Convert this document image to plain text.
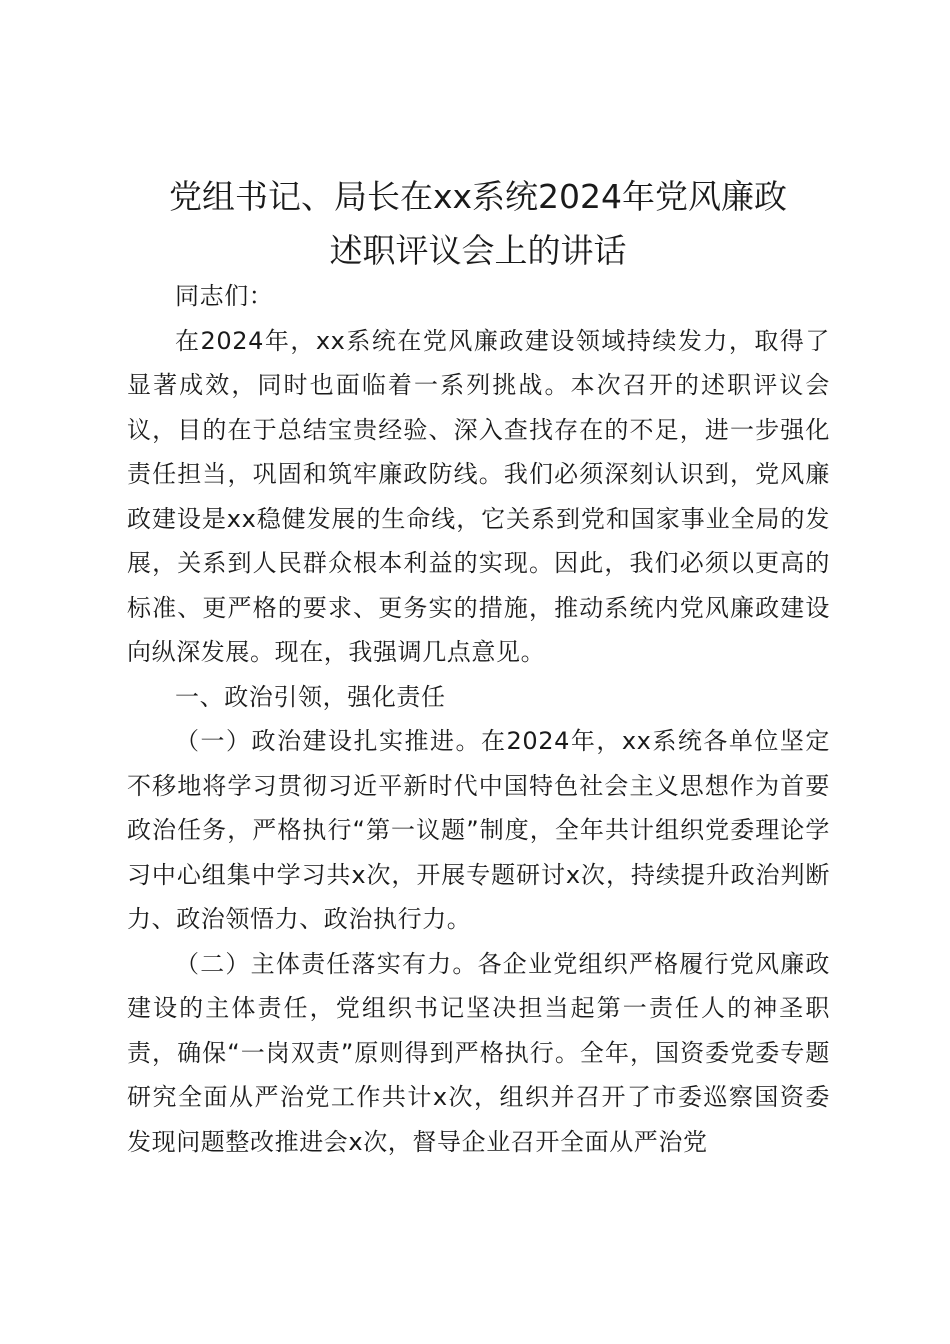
党组书记、局长在xx系统2024年党风廉政
述职评议会上的讲话

同志们：

在2024年，xx系统在党风廉政建设领域持续发力，取得了显著成效，同时也面临着一系列挑战。本次召开的述职评议会议，目的在于总结宝贵经验、深入查找存在的不足，进一步强化责任担当，巩固和筑牢廉政防线。我们必须深刻认识到，党风廉政建设是xx稳健发展的生命线，它关系到党和国家事业全局的发展，关系到人民群众根本利益的实现。因此，我们必须以更高的标准、更严格的要求、更务实的措施，推动系统内党风廉政建设向纵深发展。现在，我强调几点意见。

一、政治引领，强化责任

（一）政治建设扎实推进。在2024年，xx系统各单位坚定不移地将学习贯彻习近平新时代中国特色社会主义思想作为首要政治任务，严格执行“第一议题”制度，全年共计组织党委理论学习中心组集中学习共x次，开展专题研讨x次，持续提升政治判断力、政治领悟力、政治执行力。

（二）主体责任落实有力。各企业党组织严格履行党风廉政建设的主体责任，党组织书记坚决担当起第一责任人的神圣职责，确保“一岗双责”原则得到严格执行。全年，国资委党委专题研究全面从严治党工作共计x次，组织并召开了市委巡察国资委发现问题整改推进会x次，督导企业召开全面从严治党
